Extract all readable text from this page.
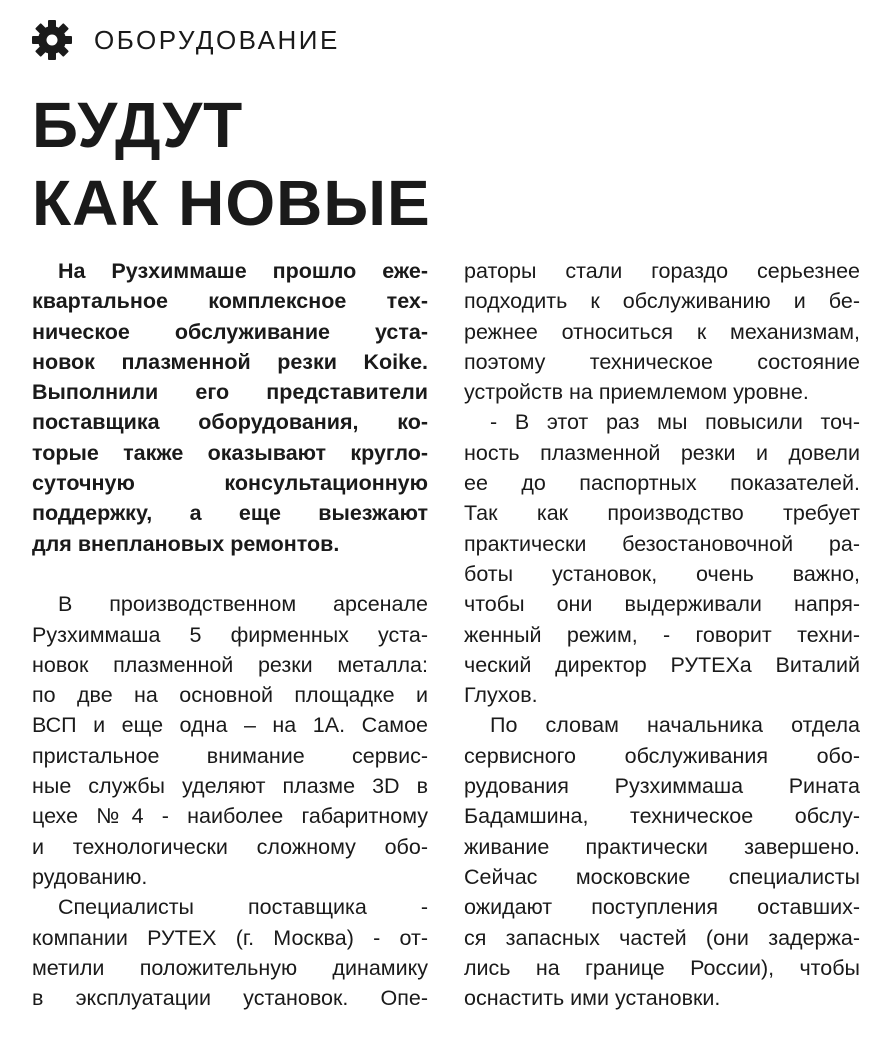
ОБОРУДОВАНИЕ
БУДУТ
КАК НОВЫЕ
На Рузхиммаше прошло еже-
квартальное комплексное тех-
ническое обслуживание уста-
новок плазменной резки Koike.
Выполнили его представители
поставщика оборудования, ко-
торые также оказывают кругло-
суточную консультационную
поддержку, а еще выезжают
для внеплановых ремонтов.
В производственном арсенале
Рузхиммаша 5 фирменных уста-
новок плазменной резки металла:
по две на основной площадке и
ВСП и еще одна – на 1А. Самое
пристальное внимание сервис-
ные службы уделяют плазме 3D в
цехе №4 - наиболее габаритному
и технологически сложному обо-
рудованию.
Специалисты поставщика -
компании РУТЕХ (г. Москва) - от-
метили положительную динамику
в эксплуатации установок. Опе-
раторы стали гораздо серьезнее
подходить к обслуживанию и бе-
режнее относиться к механизмам,
поэтому техническое состояние
устройств на приемлемом уровне.
- В этот раз мы повысили точ-
ность плазменной резки и довели
ее до паспортных показателей.
Так как производство требует
практически безостановочной ра-
боты установок, очень важно,
чтобы они выдерживали напря-
женный режим, - говорит техни-
ческий директор РУТЕХа Виталий
Глухов.
По словам начальника отдела
сервисного обслуживания обо-
рудования Рузхиммаша Рината
Бадамшина, техническое обслу-
живание практически завершено.
Сейчас московские специалисты
ожидают поступления оставших-
ся запасных частей (они задержа-
лись на границе России), чтобы
оснастить ими установки.
